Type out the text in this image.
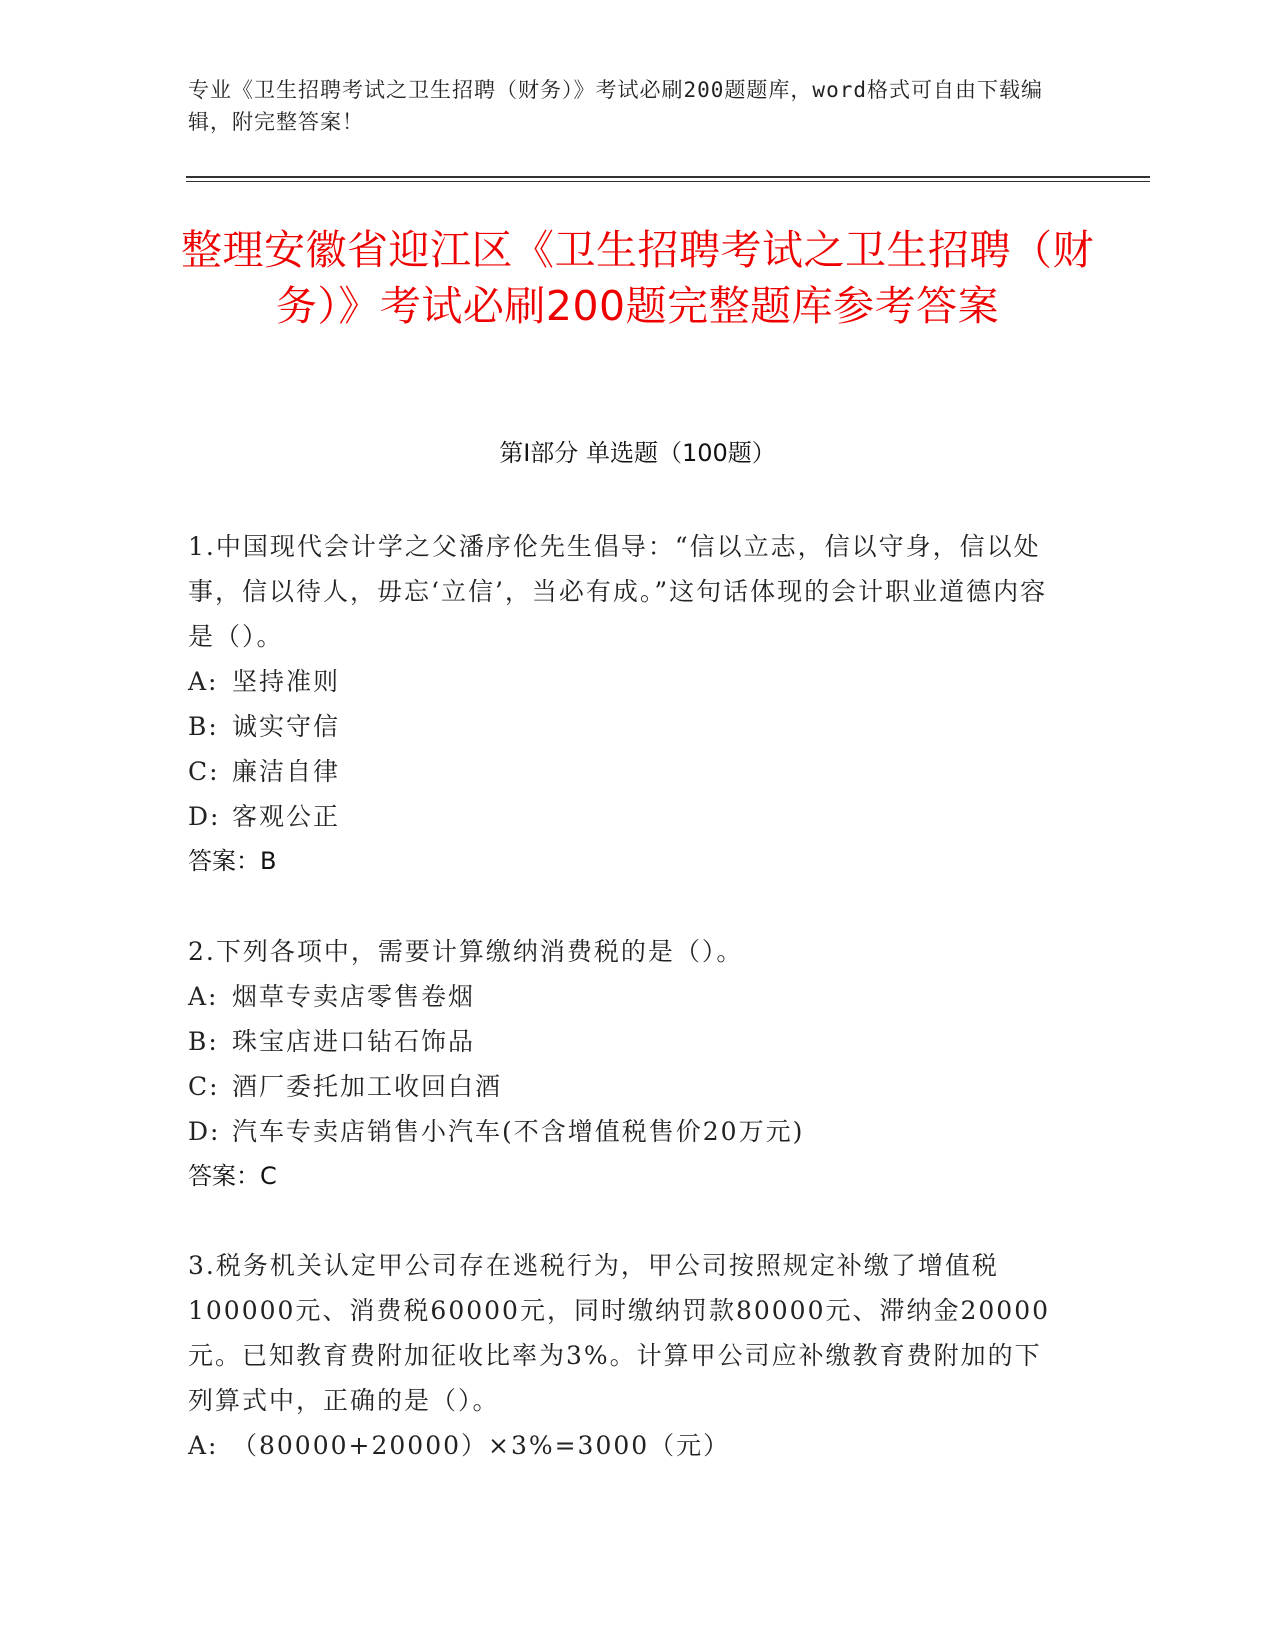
专业《卫生招聘考试之卫生招聘（财务）》考试必刷200题题库，word格式可自由下载编辑，附完整答案！
整理安徽省迎江区《卫生招聘考试之卫生招聘（财务）》考试必刷200题完整题库参考答案
第I部分 单选题（100题）
1.中国现代会计学之父潘序伦先生倡导：“信以立志，信以守身，信以处事，信以待人，毋忘‘立信’，当必有成。”这句话体现的会计职业道德内容是（）。
A: 坚持准则
B: 诚实守信
C: 廉洁自律
D: 客观公正
答案：B
2.下列各项中，需要计算缴纳消费税的是（）。
A: 烟草专卖店零售卷烟
B: 珠宝店进口钻石饰品
C: 酒厂委托加工收回白酒
D: 汽车专卖店销售小汽车(不含增值税售价20万元)
答案：C
3.税务机关认定甲公司存在逃税行为，甲公司按照规定补缴了增值税100000元、消费税60000元，同时缴纳罚款80000元、滞纳金20000元。已知教育费附加征收比率为3%。计算甲公司应补缴教育费附加的下列算式中，正确的是（）。
A: （80000+20000）×3%=3000（元）
